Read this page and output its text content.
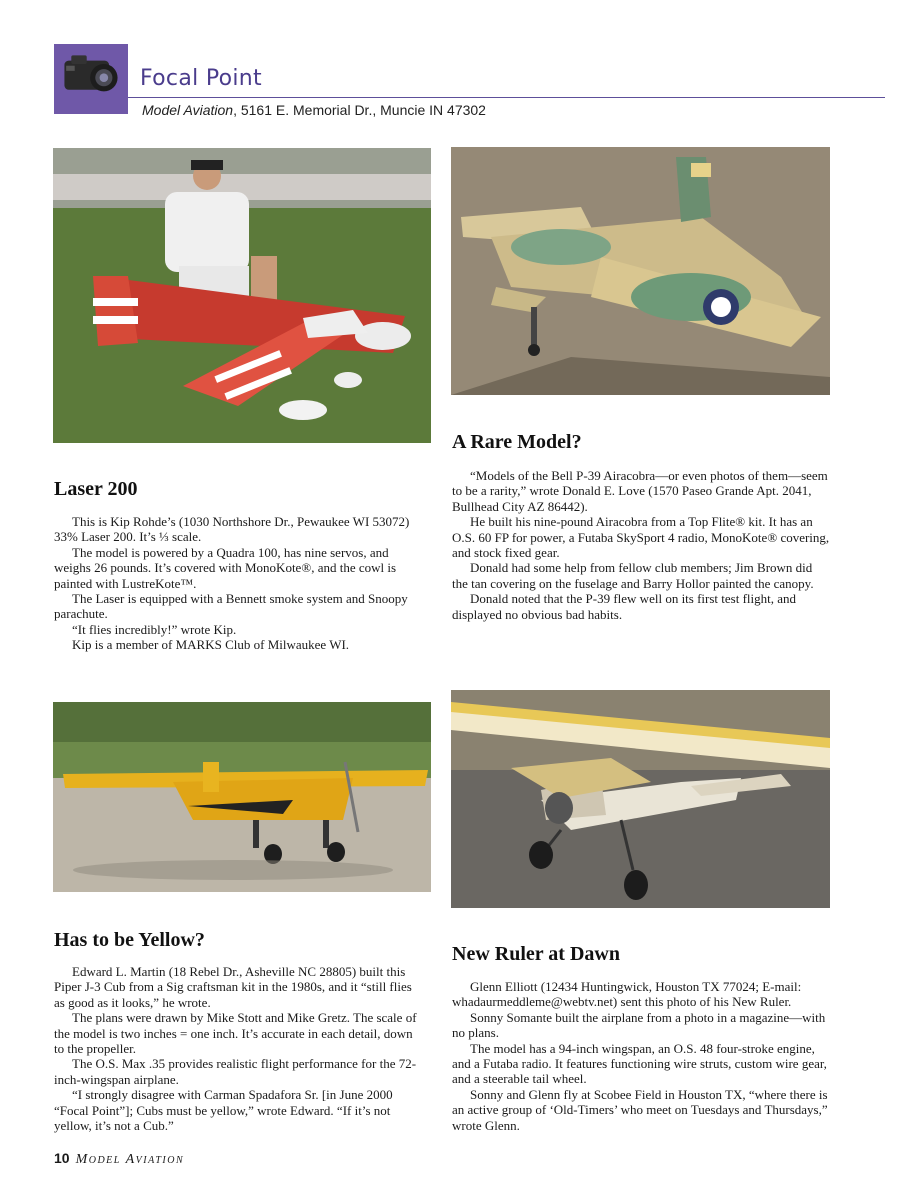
Focal Point
Model Aviation, 5161 E. Memorial Dr., Muncie IN 47302
Laser 200

This is Kip Rohde’s (1030 Northshore Dr., Pewaukee WI 53072) 33% Laser 200. It’s ⅓ scale.

The model is powered by a Quadra 100, has nine servos, and weighs 26 pounds. It’s covered with MonoKote®, and the cowl is painted with LustreKote™.

The Laser is equipped with a Bennett smoke system and Snoopy parachute.

“It flies incredibly!” wrote Kip.

Kip is a member of MARKS Club of Milwaukee WI.

A Rare Model?

“Models of the Bell P-39 Airacobra—or even photos of them—seem to be a rarity,” wrote Donald E. Love (1570 Paseo Grande Apt. 2041, Bullhead City AZ 86442).

He built his nine-pound Airacobra from a Top Flite® kit. It has an O.S. 60 FP for power, a Futaba SkySport 4 radio, MonoKote® covering, and stock fixed gear.

Donald had some help from fellow club members; Jim Brown did the tan covering on the fuselage and Barry Hollor painted the canopy.

Donald noted that the P-39 flew well on its first test flight, and displayed no obvious bad habits.

Has to be Yellow?

Edward L. Martin (18 Rebel Dr., Asheville NC 28805) built this Piper J-3 Cub from a Sig craftsman kit in the 1980s, and it “still flies as good as it looks,” he wrote.

The plans were drawn by Mike Stott and Mike Gretz. The scale of the model is two inches = one inch. It’s accurate in each detail, down to the propeller.

The O.S. Max .35 provides realistic flight performance for the 72-inch-wingspan airplane.

“I strongly disagree with Carman Spadafora Sr. [in June 2000 “Focal Point”]; Cubs must be yellow,” wrote Edward. “If it’s not yellow, it’s not a Cub.”

New Ruler at Dawn

Glenn Elliott (12434 Huntingwick, Houston TX 77024; E-mail: whadaurmeddleme@webtv.net) sent this photo of his New Ruler.

Sonny Somante built the airplane from a photo in a magazine—with no plans.

The model has a 94-inch wingspan, an O.S. 48 four-stroke engine, and a Futaba radio. It features functioning wire struts, custom wire gear, and a steerable tail wheel.

Sonny and Glenn fly at Scobee Field in Houston TX, “where there is an active group of ‘Old-Timers’ who meet on Tuesdays and Thursdays,” wrote Glenn.

10 Model Aviation
